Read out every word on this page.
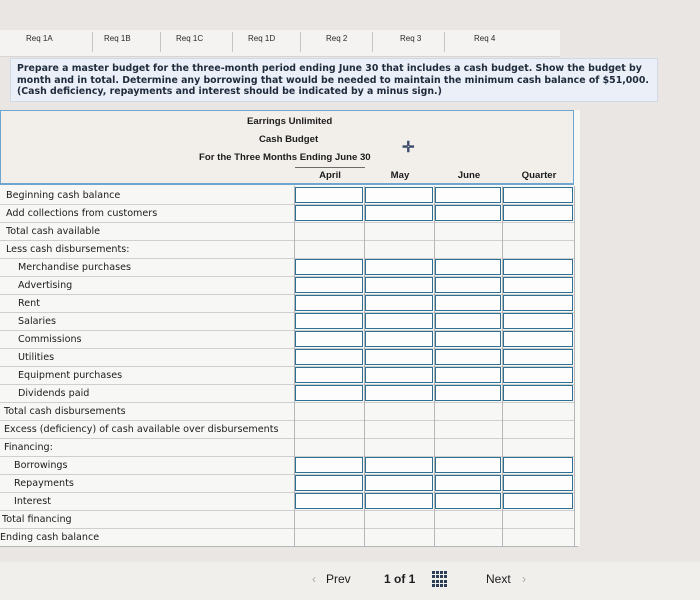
Req 1A	Req 1B	Req 1C	Req 1D	Req 2	Req 3	Req 4
Prepare a master budget for the three-month period ending June 30 that includes a cash budget. Show the budget by month and in total. Determine any borrowing that would be needed to maintain the minimum cash balance of $51,000. (Cash deficiency, repayments and interest should be indicated by a minus sign.)
Earrings Unlimited
Cash Budget
For the Three Months Ending June 30
April	May	June	Quarter
✛
Beginning cash balance
Add collections from customers
Total cash available
Less cash disbursements:
Merchandise purchases
Advertising
Rent
Salaries
Commissions
Utilities
Equipment purchases
Dividends paid
Total cash disbursements
Excess (deficiency) of cash available over disbursements
Financing:
Borrowings
Repayments
Interest
Total financing
Ending cash balance
‹ Prev	1 of 1	Next ›
